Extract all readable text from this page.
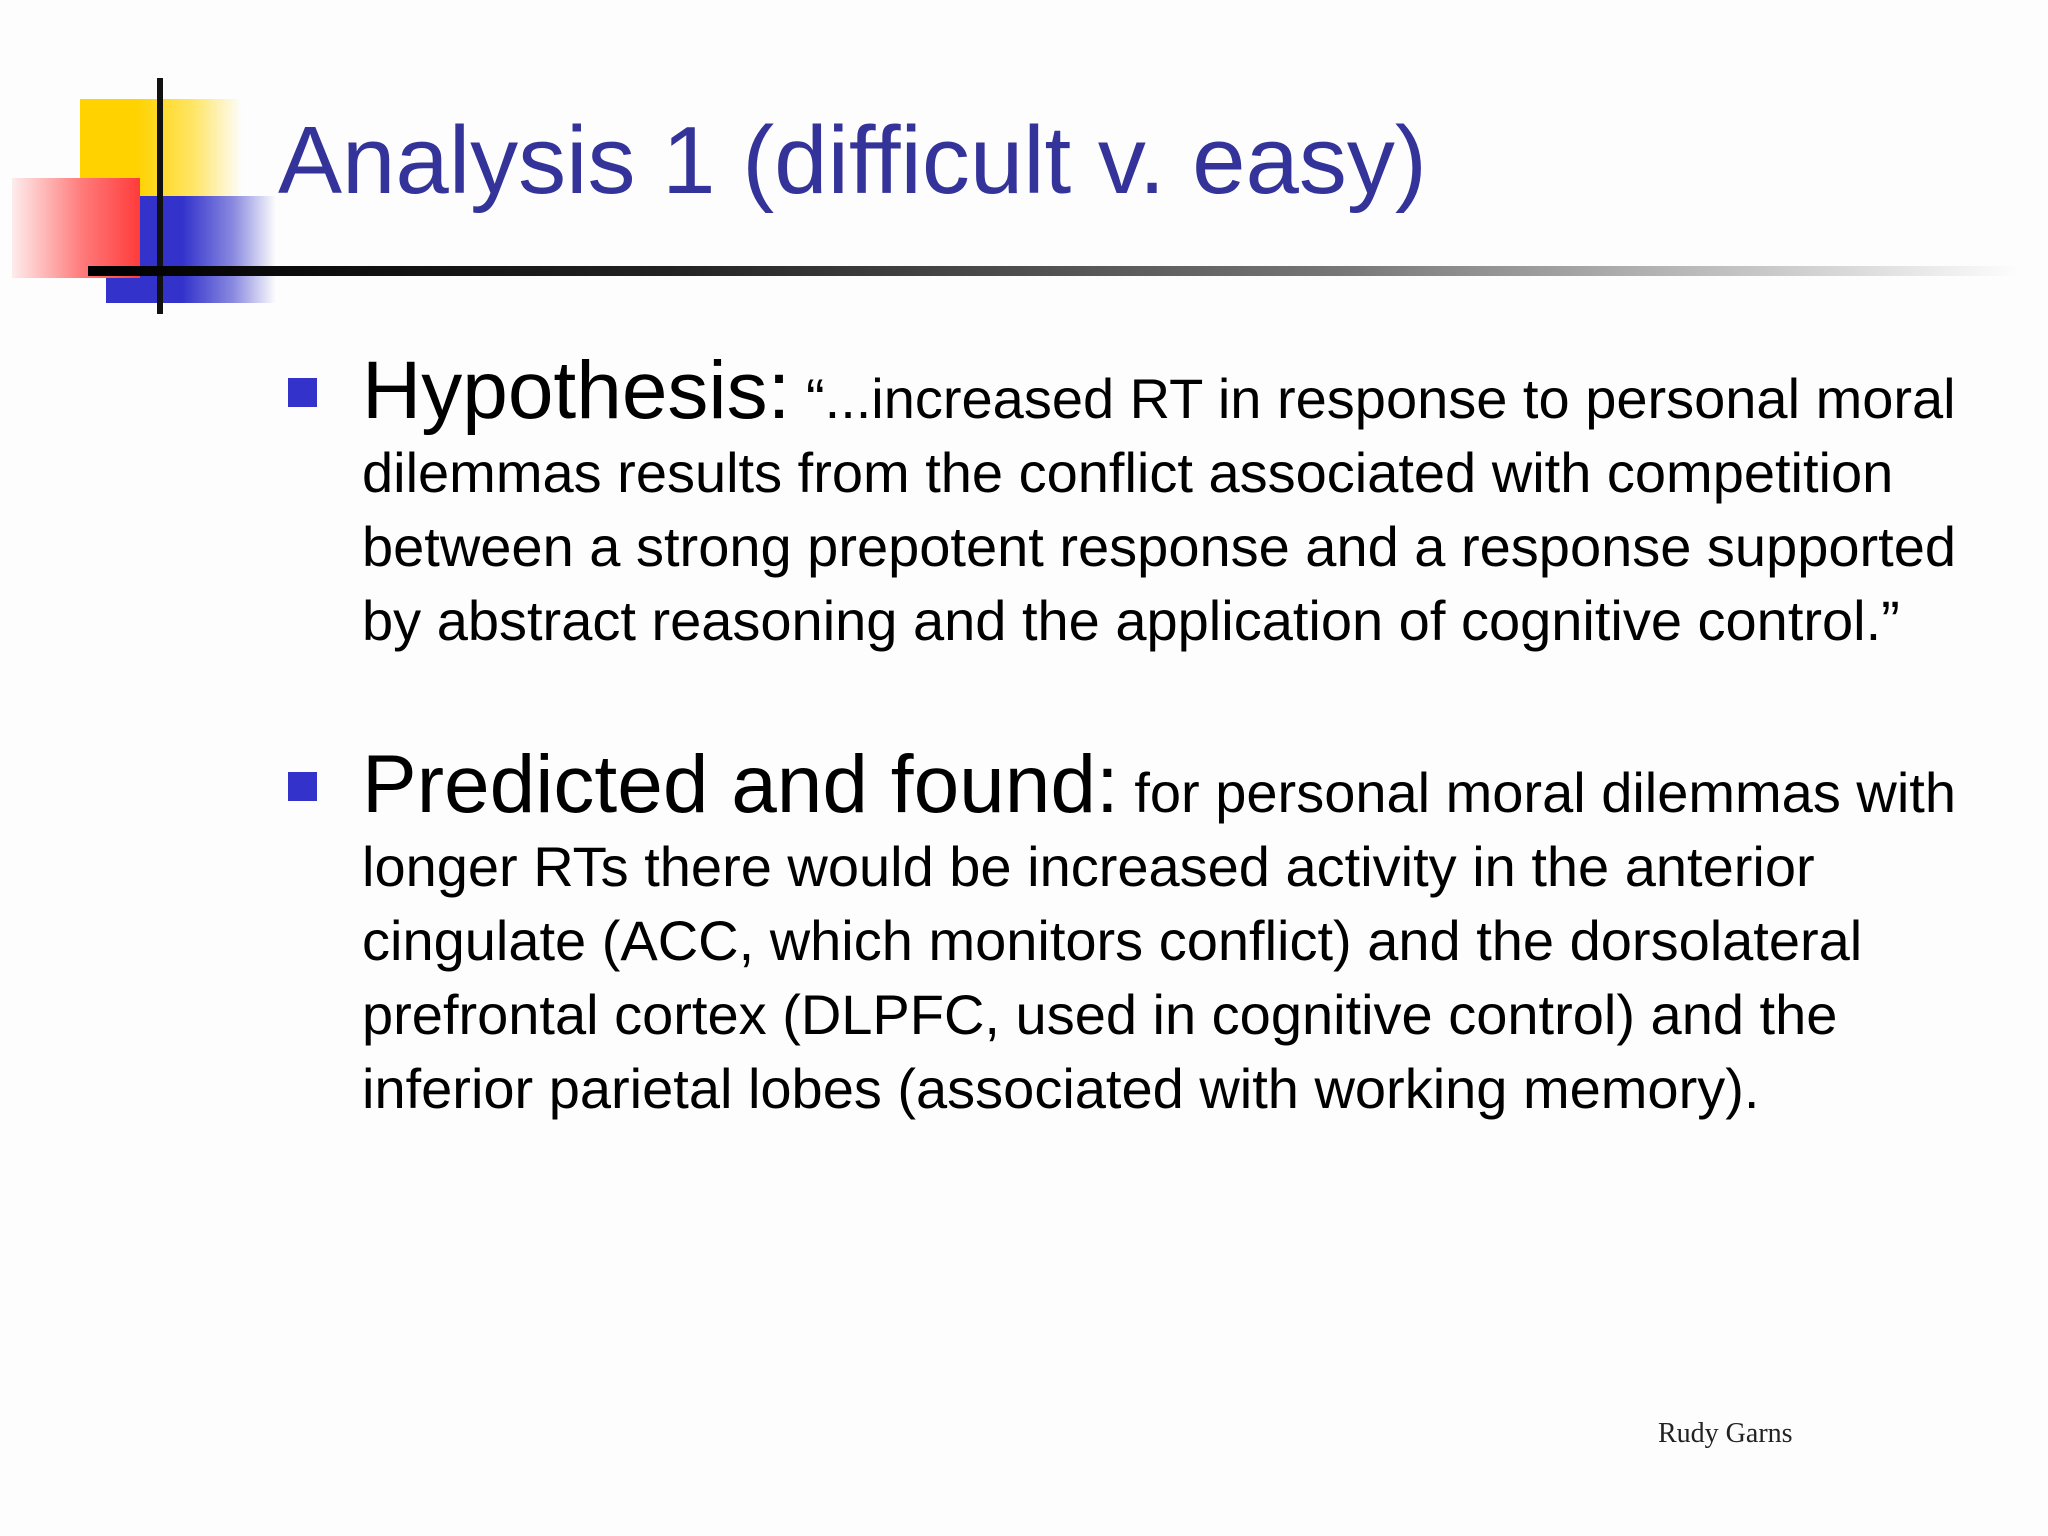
Analysis 1 (difficult v. easy)
Hypothesis: “...increased RT in response to personal moral dilemmas results from the conflict associated with competition between a strong prepotent response and a response supported by abstract reasoning and the application of cognitive control.”
Predicted and found: for personal moral dilemmas with longer RTs there would be increased activity in the anterior cingulate (ACC, which monitors conflict) and the dorsolateral prefrontal cortex (DLPFC, used in cognitive control) and the inferior parietal lobes (associated with working memory).
Rudy Garns
